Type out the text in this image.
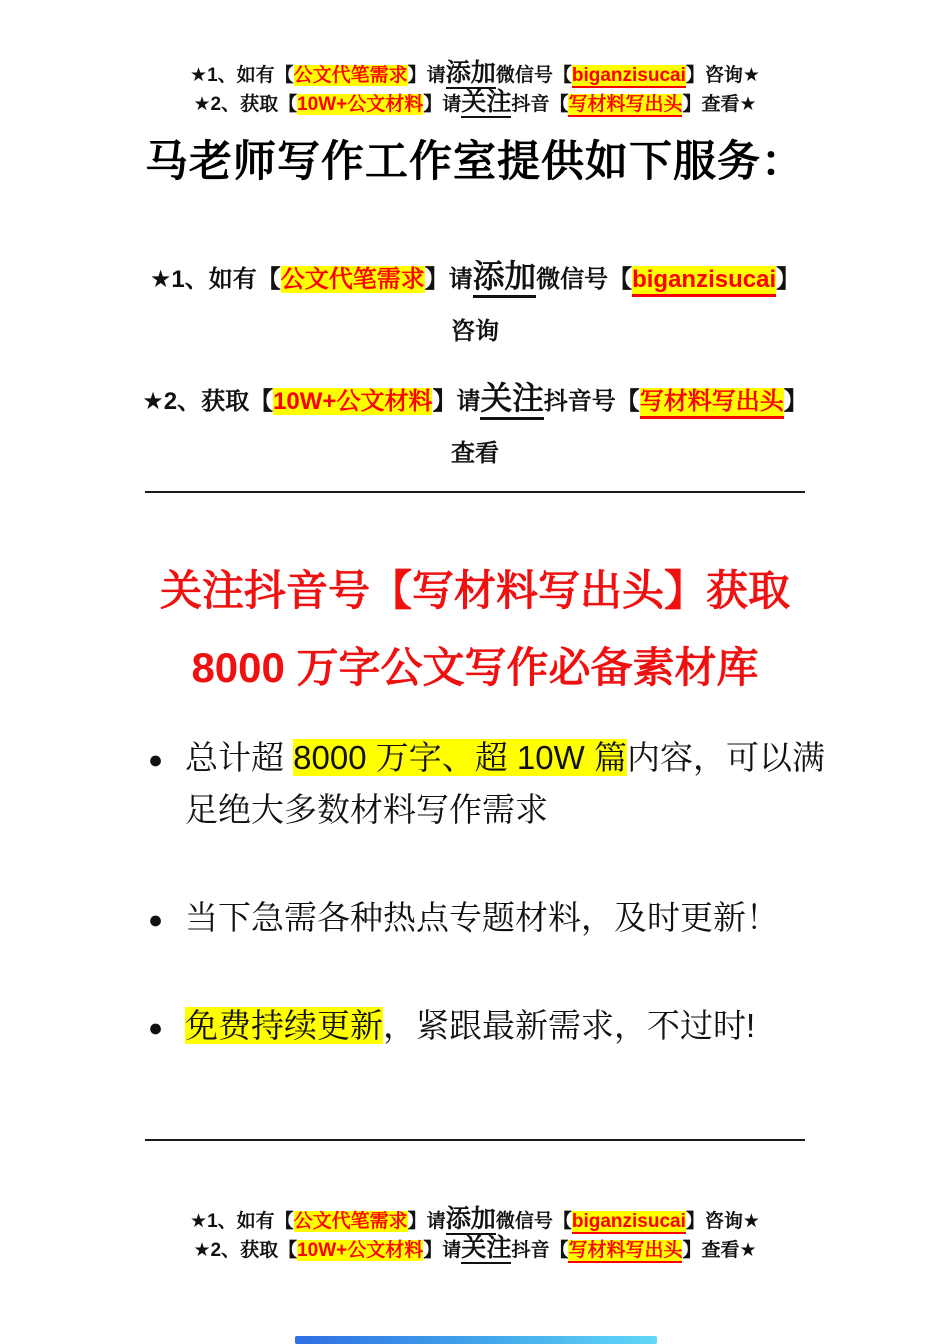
★1、如有【公文代笔需求】请添加微信号【biganzisucai】咨询★
★2、获取【10W+公文材料】请关注抖音【写材料写出头】查看★
马老师写作工作室提供如下服务：
★1、如有【公文代笔需求】请添加微信号【biganzisucai】咨询
★2、获取【10W+公文材料】请关注抖音号【写材料写出头】查看
关注抖音号【写材料写出头】获取
8000 万字公文写作必备素材库
● 总计超 8000 万字、超 10W 篇内容，可以满足绝大多数材料写作需求
● 当下急需各种热点专题材料，及时更新！
● 免费持续更新，紧跟最新需求，不过时!
★1、如有【公文代笔需求】请添加微信号【biganzisucai】咨询★
★2、获取【10W+公文材料】请关注抖音【写材料写出头】查看★
